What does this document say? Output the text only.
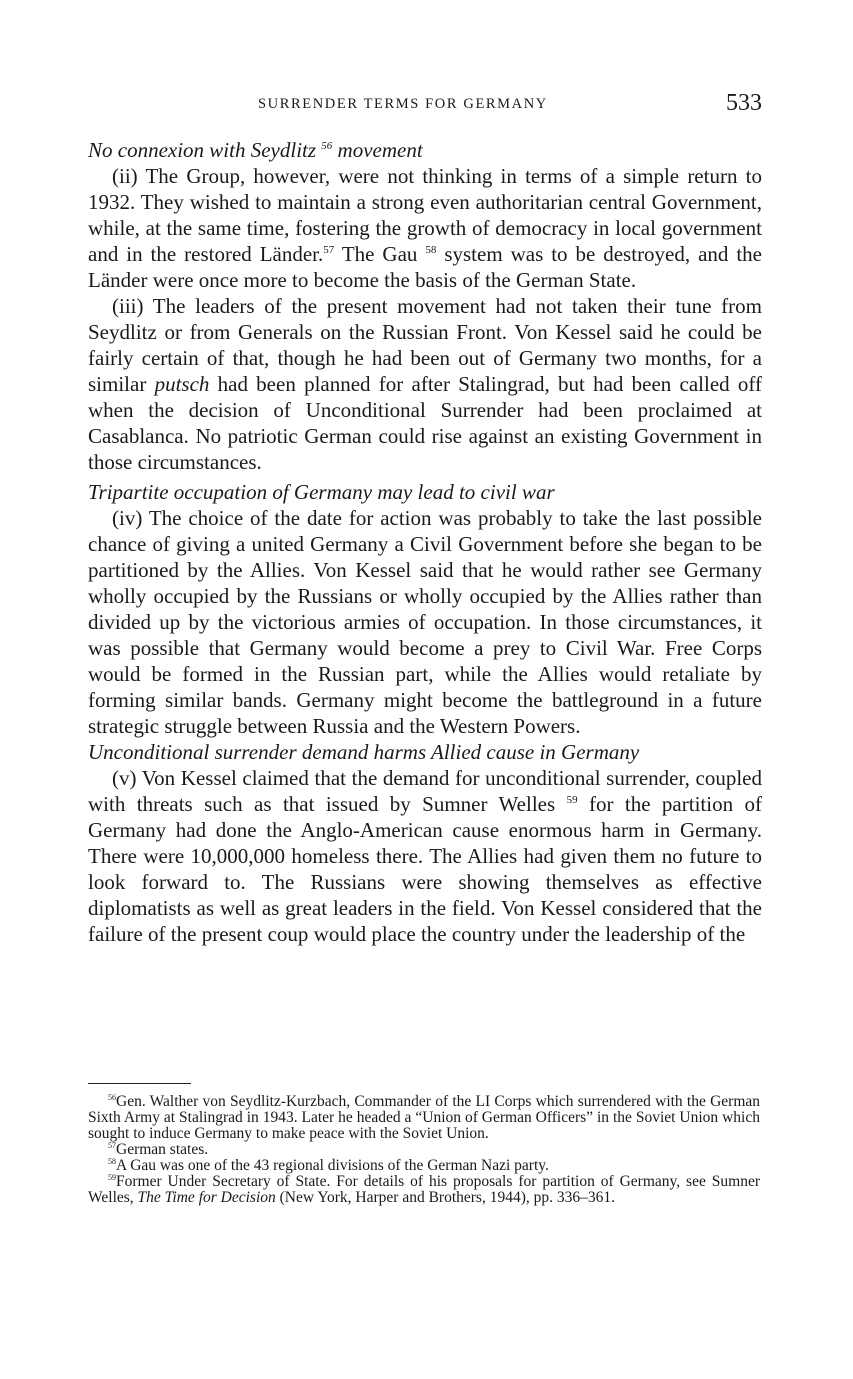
SURRENDER TERMS FOR GERMANY	533

No connexion with Seydlitz $^{56}$ movement

(ii) The Group, however, were not thinking in terms of a simple return to 1932. They wished to maintain a strong even authoritarian central Government, while, at the same time, fostering the growth of democracy in local government and in the restored Länder.$^{57}$ The Gau $^{58}$ system was to be destroyed, and the Länder were once more to become the basis of the German State.

(iii) The leaders of the present movement had not taken their tune from Seydlitz or from Generals on the Russian Front. Von Kessel said he could be fairly certain of that, though he had been out of Germany two months, for a similar putsch had been planned for after Stalingrad, but had been called off when the decision of Unconditional Surrender had been proclaimed at Casablanca. No patriotic German could rise against an existing Government in those circumstances.

Tripartite occupation of Germany may lead to civil war

(iv) The choice of the date for action was probably to take the last possible chance of giving a united Germany a Civil Government before she began to be partitioned by the Allies. Von Kessel said that he would rather see Germany wholly occupied by the Russians or wholly occupied by the Allies rather than divided up by the victorious armies of occupation. In those circumstances, it was possible that Germany would become a prey to Civil War. Free Corps would be formed in the Russian part, while the Allies would retaliate by forming similar bands. Germany might become the battleground in a future strategic struggle between Russia and the Western Powers.

Unconditional surrender demand harms Allied cause in Germany

(v) Von Kessel claimed that the demand for unconditional surrender, coupled with threats such as that issued by Sumner Welles $^{59}$ for the partition of Germany had done the Anglo-American cause enormous harm in Germany. There were 10,000,000 homeless there. The Allies had given them no future to look forward to. The Russians were showing themselves as effective diplomatists as well as great leaders in the field. Von Kessel considered that the failure of the present coup would place the country under the leadership of the

$^{56}$Gen. Walther von Seydlitz-Kurzbach, Commander of the LI Corps which surrendered with the German Sixth Army at Stalingrad in 1943. Later he headed a “Union of German Officers” in the Soviet Union which sought to induce Germany to make peace with the Soviet Union.

$^{57}$German states.

$^{58}$A Gau was one of the 43 regional divisions of the German Nazi party.

$^{59}$Former Under Secretary of State. For details of his proposals for partition of Germany, see Sumner Welles, The Time for Decision (New York, Harper and Brothers, 1944), pp. 336–361.
